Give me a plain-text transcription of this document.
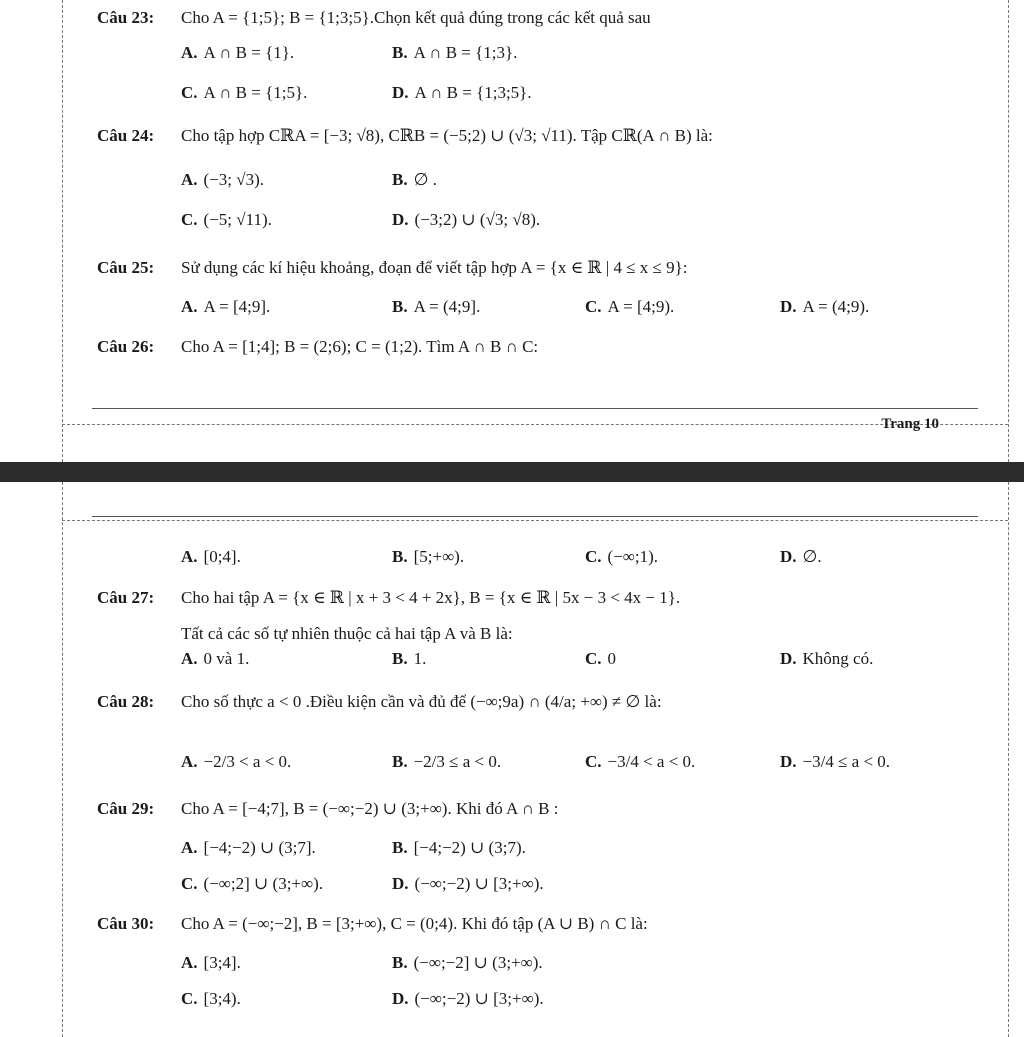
Câu 23: Cho A = {1;5}; B = {1;3;5}.Chọn kết quả đúng trong các kết quả sau
A. A ∩ B = {1}.	B. A ∩ B = {1;3}.
C. A ∩ B = {1;5}.	D. A ∩ B = {1;3;5}.
Câu 24: Cho tập hợp CℝA = [−3; √8), CℝB = (−5;2) ∪ (√3; √11). Tập Cℝ(A ∩ B) là:
A. (−3; √3).	B. ∅ .
C. (−5; √11).	D. (−3;2) ∪ (√3; √8).
Câu 25: Sử dụng các kí hiệu khoảng, đoạn để viết tập hợp A = {x ∈ ℝ | 4 ≤ x ≤ 9}:
A. A = [4;9].	B. A = (4;9].	C. A = [4;9).	D. A = (4;9).
Câu 26: Cho A = [1;4]; B = (2;6); C = (1;2). Tìm A ∩ B ∩ C:
Trang 10
A. [0;4].	B. [5;+∞).	C. (−∞;1).	D. ∅.
Câu 27: Cho hai tập A = {x ∈ ℝ | x + 3 < 4 + 2x}, B = {x ∈ ℝ | 5x − 3 < 4x − 1}.
Tất cả các số tự nhiên thuộc cả hai tập A và B là:
A. 0 và 1.	B. 1.	C. 0	D. Không có.
Câu 28: Cho số thực a < 0 .Điều kiện cần và đủ để (−∞;9a) ∩ (4/a; +∞) ≠ ∅ là:
A. −2/3 < a < 0.	B. −2/3 ≤ a < 0.	C. −3/4 < a < 0.	D. −3/4 ≤ a < 0.
Câu 29: Cho A = [−4;7], B = (−∞;−2) ∪ (3;+∞). Khi đó A ∩ B :
A. [−4;−2) ∪ (3;7].	B. [−4;−2) ∪ (3;7).
C. (−∞;2] ∪ (3;+∞).	D. (−∞;−2) ∪ [3;+∞).
Câu 30: Cho A = (−∞;−2], B = [3;+∞), C = (0;4). Khi đó tập (A ∪ B) ∩ C là:
A. [3;4].	B. (−∞;−2] ∪ (3;+∞).
C. [3;4).	D. (−∞;−2) ∪ [3;+∞).
